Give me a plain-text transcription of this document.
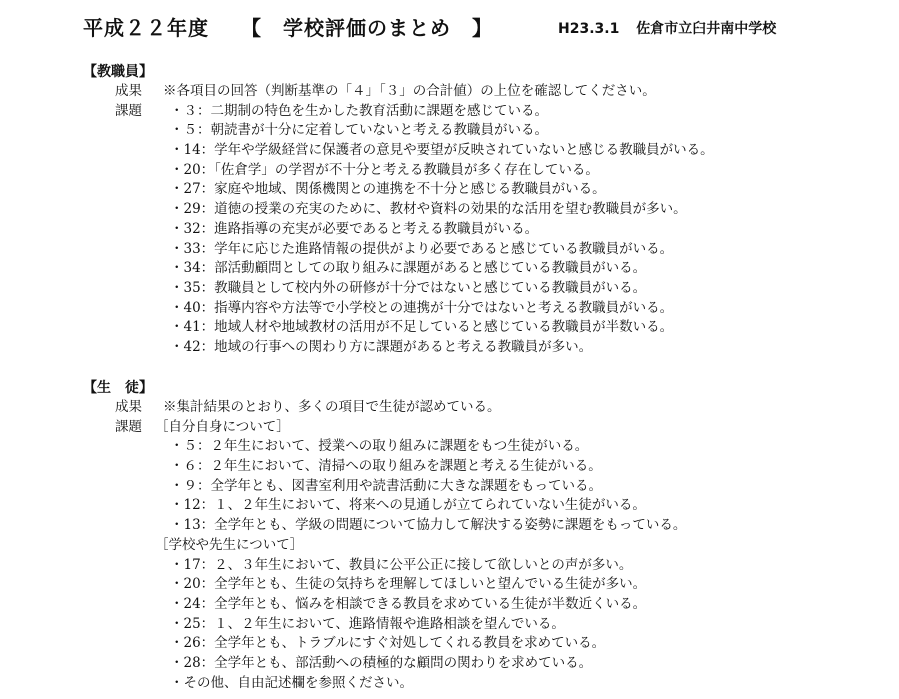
平成２２年度　　【　学校評価のまとめ　】	H23.3.1 佐倉市立臼井南中学校
【教職員】
成果 ※各項目の回答（判断基準の「４」「３」の合計値）の上位を確認してください。
課題 ・３：二期制の特色を生かした教育活動に課題を感じている。
・５：朝読書が十分に定着していないと考える教職員がいる。
・14：学年や学級経営に保護者の意見や要望が反映されていないと感じる教職員がいる。
・20：「佐倉学」の学習が不十分と考える教職員が多く存在している。
・27：家庭や地域、関係機関との連携を不十分と感じる教職員がいる。
・29：道徳の授業の充実のために、教材や資料の効果的な活用を望む教職員が多い。
・32：進路指導の充実が必要であると考える教職員がいる。
・33：学年に応じた進路情報の提供がより必要であると感じている教職員がいる。
・34：部活動顧問としての取り組みに課題があると感じている教職員がいる。
・35：教職員として校内外の研修が十分ではないと感じている教職員がいる。
・40：指導内容や方法等で小学校との連携が十分ではないと考える教職員がいる。
・41：地域人材や地域教材の活用が不足していると感じている教職員が半数いる。
・42：地域の行事への関わり方に課題があると考える教職員が多い。
【生　徒】
成果 ※集計結果のとおり、多くの項目で生徒が認めている。
課題 ［自分自身について］
・５：２年生において、授業への取り組みに課題をもつ生徒がいる。
・６：２年生において、清掃への取り組みを課題と考える生徒がいる。
・９：全学年とも、図書室利用や読書活動に大きな課題をもっている。
・12：１、２年生において、将来への見通しが立てられていない生徒がいる。
・13：全学年とも、学級の問題について協力して解決する姿勢に課題をもっている。
［学校や先生について］
・17：２、３年生において、教員に公平公正に接して欲しいとの声が多い。
・20：全学年とも、生徒の気持ちを理解してほしいと望んでいる生徒が多い。
・24：全学年とも、悩みを相談できる教員を求めている生徒が半数近くいる。
・25：１、２年生において、進路情報や進路相談を望んでいる。
・26：全学年とも、トラブルにすぐ対処してくれる教員を求めている。
・28：全学年とも、部活動への積極的な顧問の関わりを求めている。
・その他、自由記述欄を参照ください。
